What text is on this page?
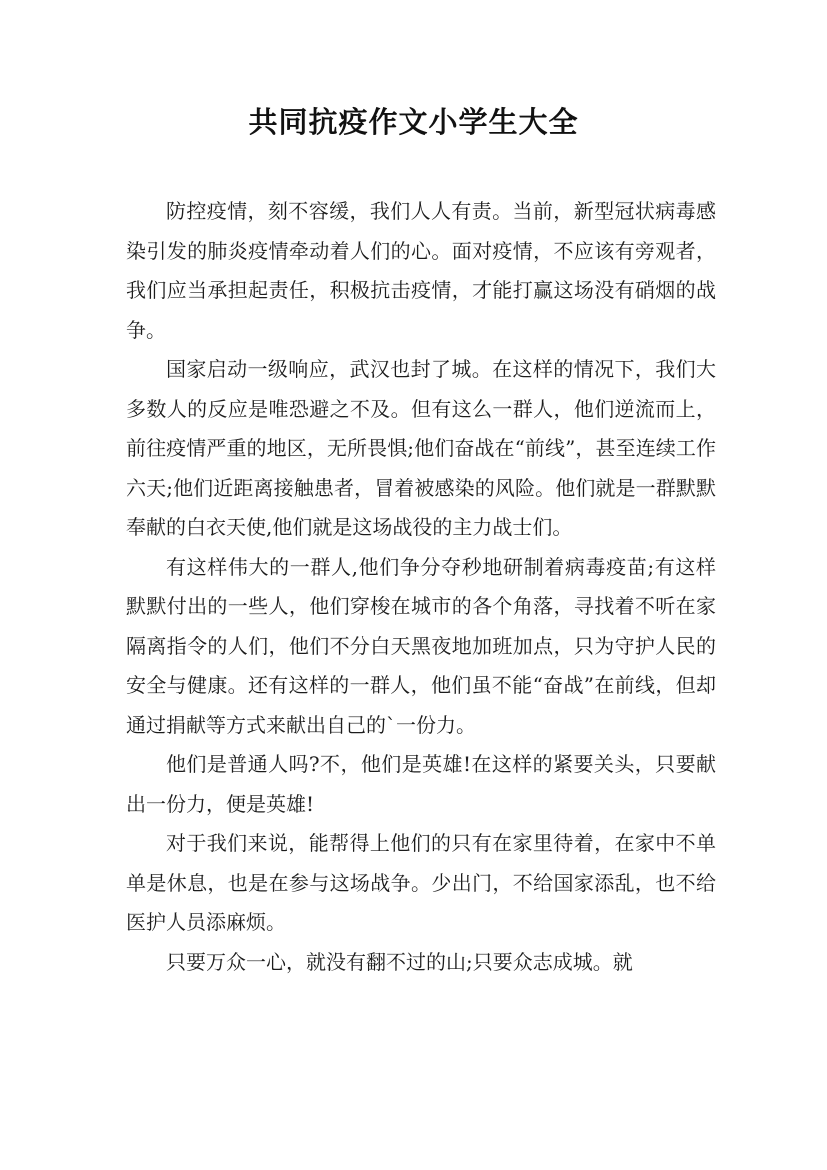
共同抗疫作文小学生大全

防控疫情，刻不容缓，我们人人有责。当前，新型冠状病毒感染引发的肺炎疫情牵动着人们的心。面对疫情，不应该有旁观者，我们应当承担起责任，积极抗击疫情，才能打赢这场没有硝烟的战争。

国家启动一级响应，武汉也封了城。在这样的情况下，我们大多数人的反应是唯恐避之不及。但有这么一群人，他们逆流而上，前往疫情严重的地区，无所畏惧;他们奋战在“前线”，甚至连续工作六天;他们近距离接触患者，冒着被感染的风险。他们就是一群默默奉献的白衣天使,他们就是这场战役的主力战士们。

有这样伟大的一群人,他们争分夺秒地研制着病毒疫苗;有这样默默付出的一些人，他们穿梭在城市的各个角落，寻找着不听在家隔离指令的人们，他们不分白天黑夜地加班加点，只为守护人民的安全与健康。还有这样的一群人，他们虽不能“奋战”在前线，但却通过捐献等方式来献出自己的`一份力。

他们是普通人吗?不，他们是英雄!在这样的紧要关头，只要献出一份力，便是英雄!

对于我们来说，能帮得上他们的只有在家里待着，在家中不单单是休息，也是在参与这场战争。少出门，不给国家添乱，也不给医护人员添麻烦。

只要万众一心，就没有翻不过的山;只要众志成城。就
